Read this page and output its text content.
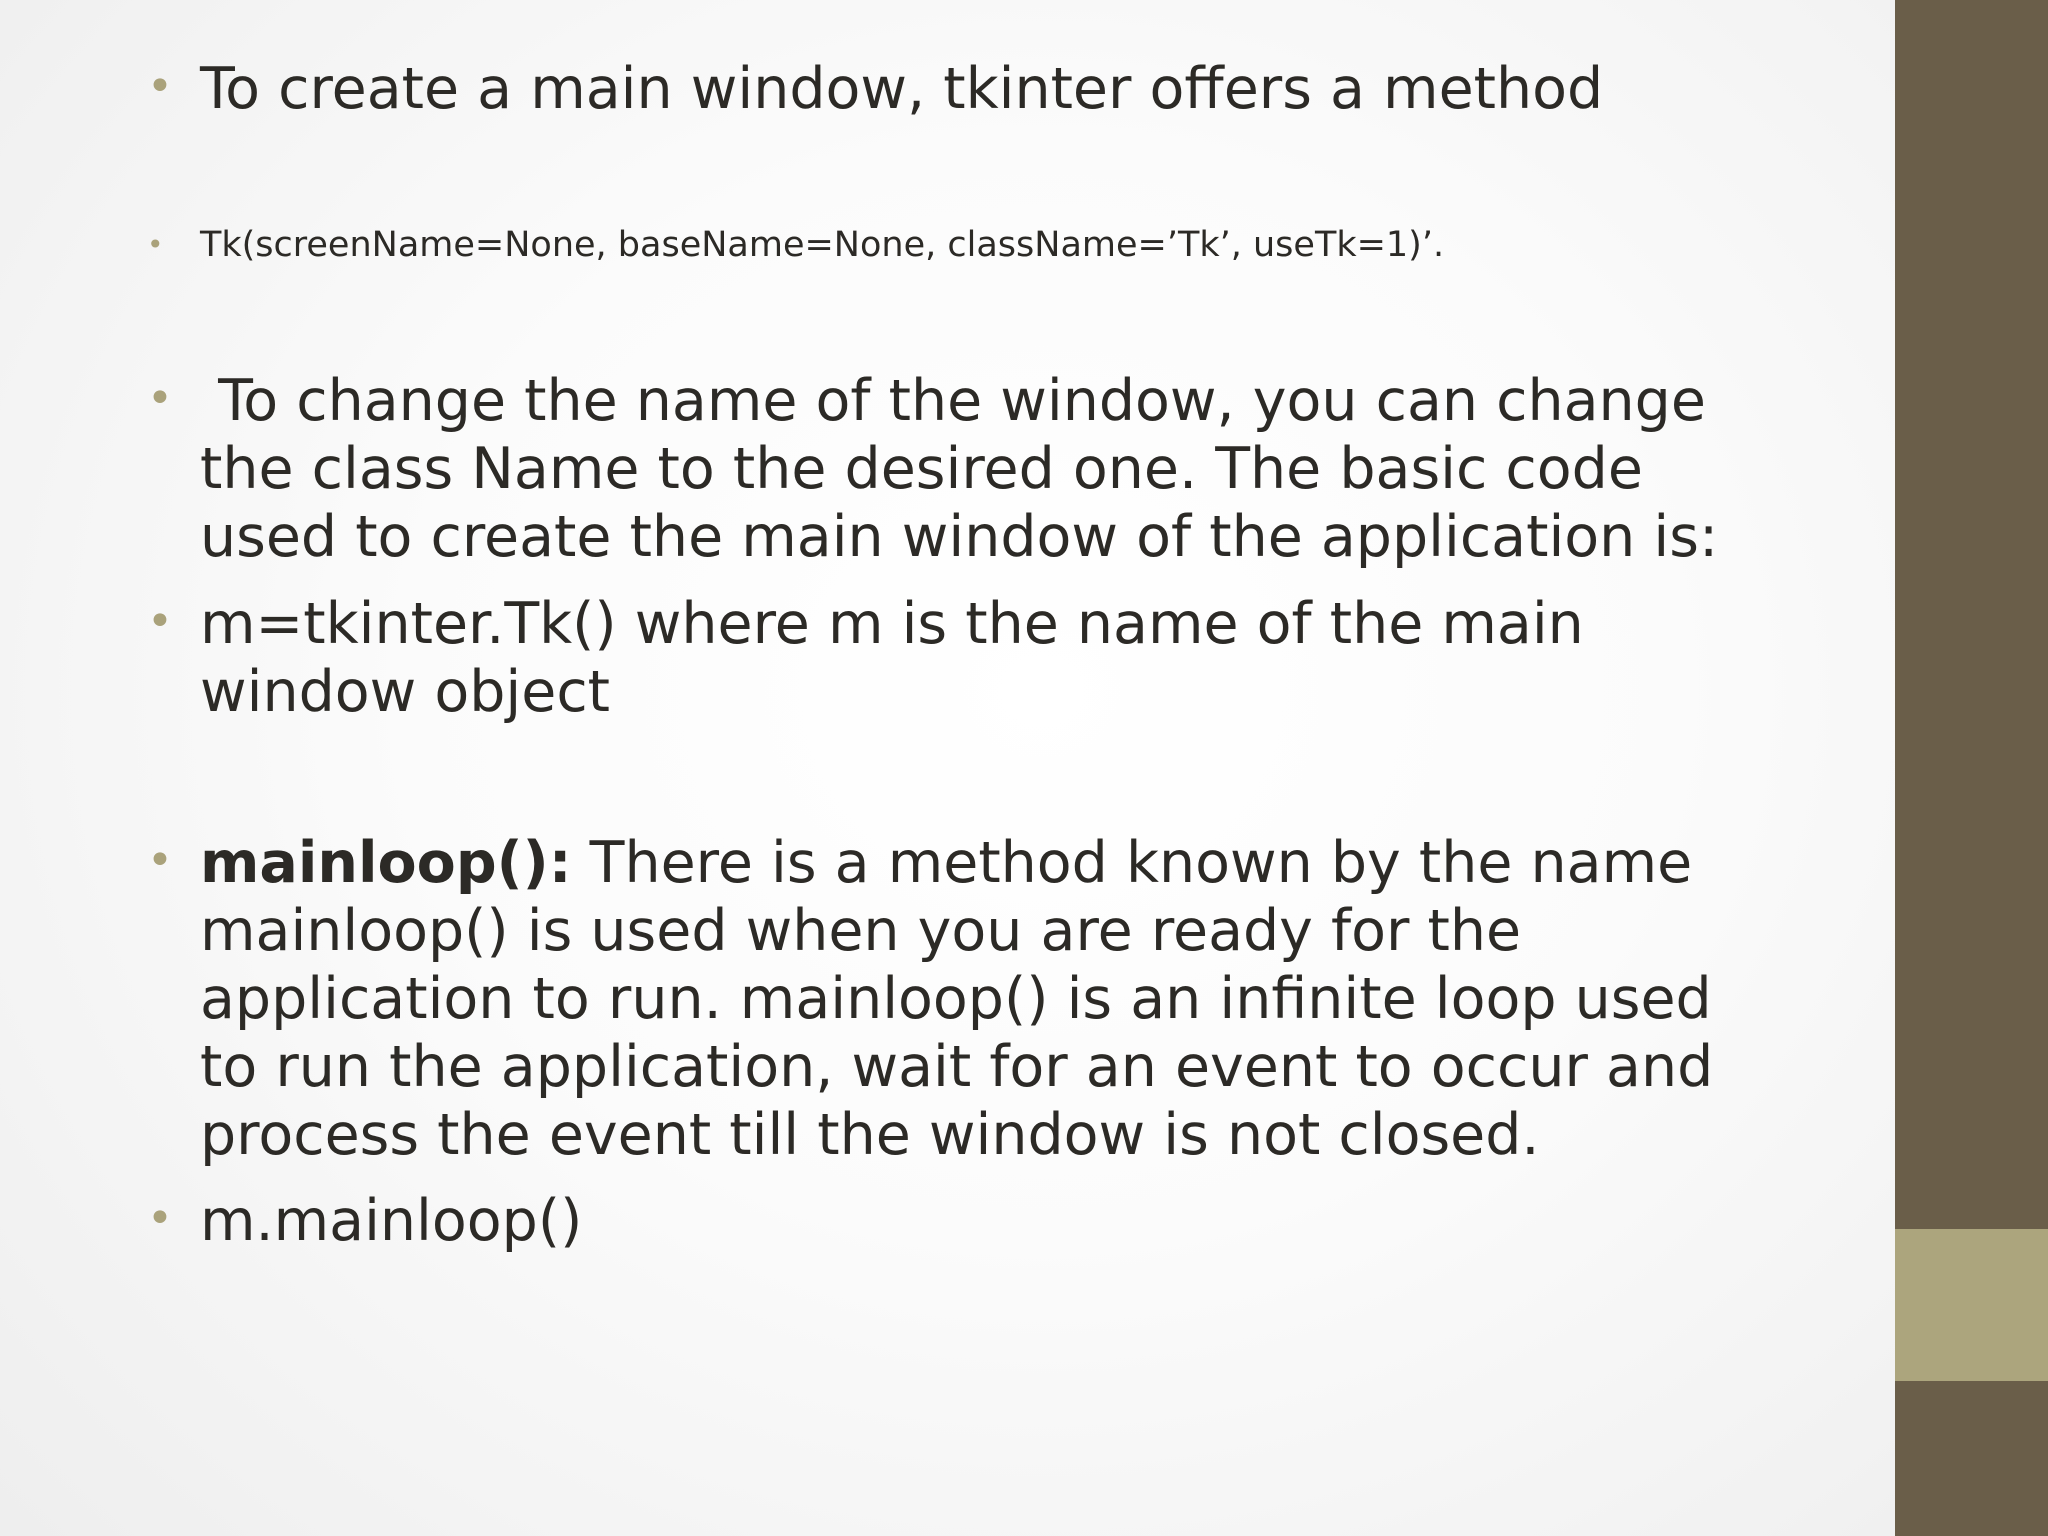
• To create a main window, tkinter offers a method
• Tk(screenName=None, baseName=None, className=’Tk’, useTk=1)’.
• To change the name of the window, you can change
the class Name to the desired one. The basic code
used to create the main window of the application is:
• m=tkinter.Tk() where m is the name of the main
window object
• mainloop(): There is a method known by the name
mainloop() is used when you are ready for the
application to run. mainloop() is an infinite loop used
to run the application, wait for an event to occur and
process the event till the window is not closed.
• m.mainloop()
